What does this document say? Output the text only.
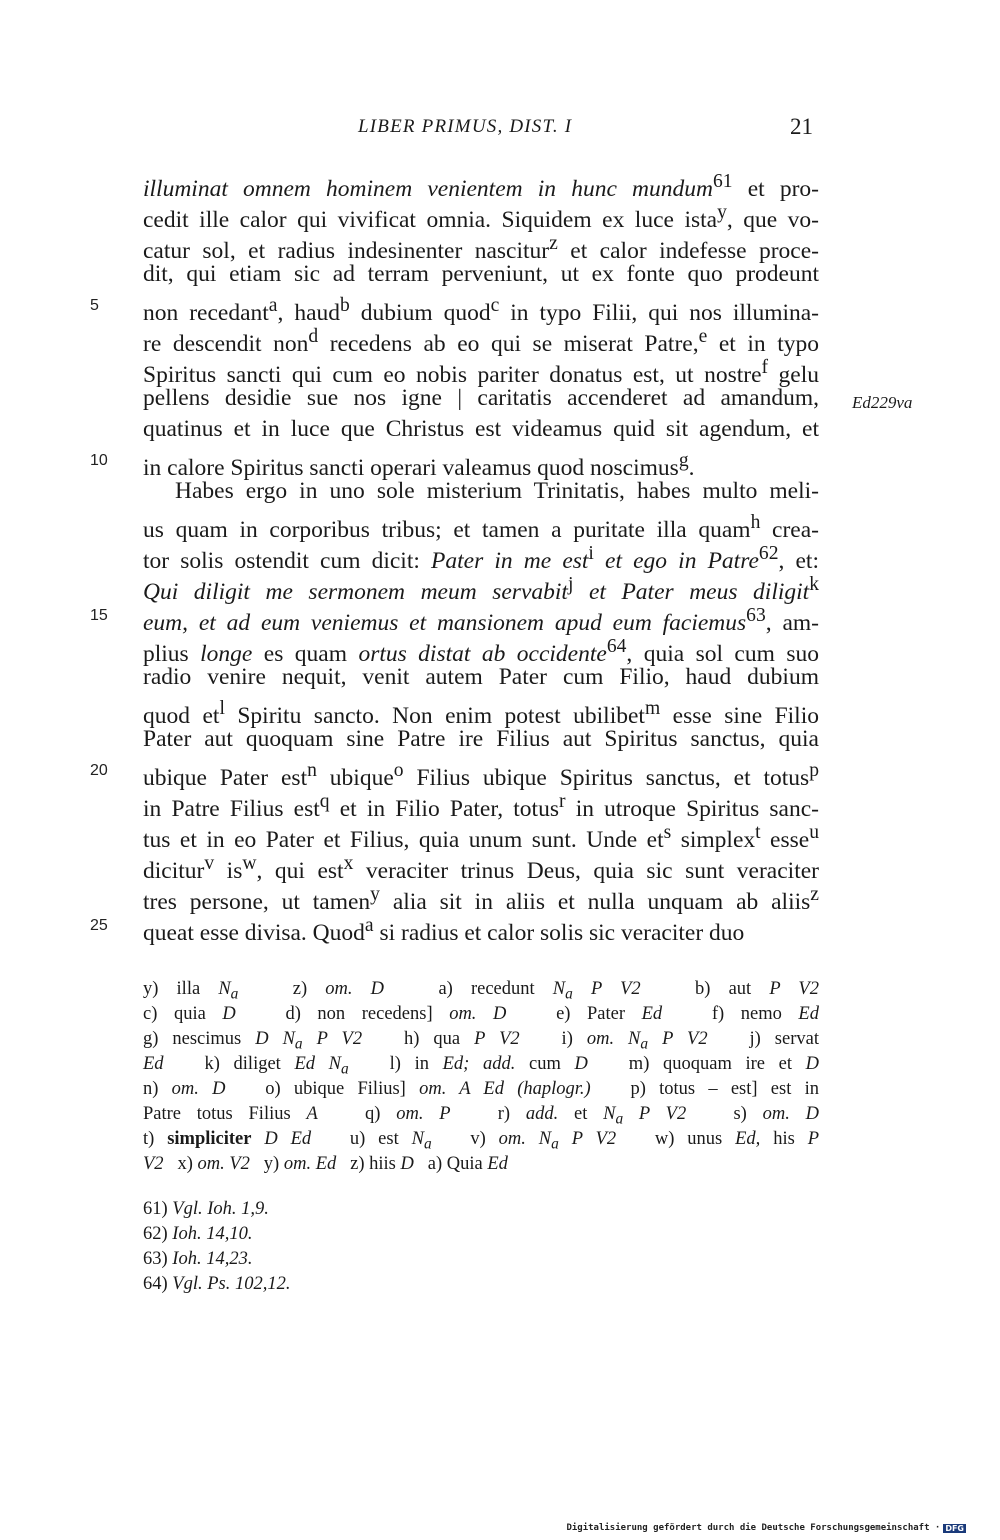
LIBER PRIMUS, DIST. I	21
illuminat omnem hominem venientem in hunc mundum$^{61}$ et pro-
cedit ille calor qui vivificat omnia. Siquidem ex luce ista$^y$, que vo-
catur sol, et radius indesinenter nascitur$^z$ et calor indefesse proce-
dit, qui etiam sic ad terram perveniunt, ut ex fonte quo prodeunt
non recedant$^a$, haud$^b$ dubium quod$^c$ in typo Filii, qui nos illumina-
re descendit non$^d$ recedens ab eo qui se miserat Patre,$^e$ et in typo
Spiritus sancti qui cum eo nobis pariter donatus est, ut nostre$^f$ gelu
pellens desidie sue nos igne | caritatis accenderet ad amandum,
quatinus et in luce que Christus est videamus quid sit agendum, et
in calore Spiritus sancti operari valeamus quod noscimus$^g$.
Habes ergo in uno sole misterium Trinitatis, habes multo meli-
us quam in corporibus tribus; et tamen a puritate illa quam$^h$ crea-
tor solis ostendit cum dicit: Pater in me est$^i$ et ego in Patre$^{62}$, et:
Qui diligit me sermonem meum servabit$^j$ et Pater meus diligit$^k$
eum, et ad eum veniemus et mansionem apud eum faciemus$^{63}$, am-
plius longe es quam ortus distat ab occidente$^{64}$, quia sol cum suo
radio venire nequit, venit autem Pater cum Filio, haud dubium
quod $et^l$ Spiritu sancto. Non enim potest ubilibet$^m$ esse sine Filio
Pater aut quoquam sine Patre ire Filius aut Spiritus sanctus, quia
ubique Pater est$^n$ ubique$^o$ Filius ubique Spiritus sanctus, et totus$^p$
in Patre Filius est$^q$ et in Filio Pater, totus$^r$ in utroque Spiritus sanc-
tus et in eo Pater et Filius, quia unum sunt. Unde $et^s$ simplex$^t$ esse$^u$
dicitur$^v$ $is^w$, qui est$^x$ veraciter trinus Deus, quia sic sunt veraciter
tres persone, ut tamen$^y$ alia sit in aliis et nulla unquam ab aliis$^z$
queat esse divisa. Quod$^a$ si radius et calor solis sic veraciter duo
Ed229va
y) illa $N_a$   z) om. D   a) recedunt $N_a$ P V2   b) aut P V2
c) quia D   d) non recedens] om. D   e) Pater Ed   f) nemo Ed
g) nescimus D $N_a$ P V2   h) qua P V2   i) om. $N_a$ P V2   j) servat
Ed   k) diliget Ed $N_a$   l) in Ed; add. cum D   m) quoquam ire et D
n) om. D   o) ubique Filius] om. A Ed (haplogr.)   p) totus – est] est in
Patre totus Filius A   q) om. P   r) add. et $N_a$ P V2   s) om. D
t) simpliciter D Ed   u) est $N_a$   v) om. $N_a$ P V2   w) unus Ed, his P
V2   x) om. V2   y) om. Ed   z) hiis D   a) Quia Ed
61) Vgl. Ioh. 1,9.
62) Ioh. 14,10.
63) Ioh. 14,23.
64) Vgl. Ps. 102,12.
Digitalisierung gefördert durch die Deutsche Forschungsgemeinschaft · DFG
5
10
15
20
25
